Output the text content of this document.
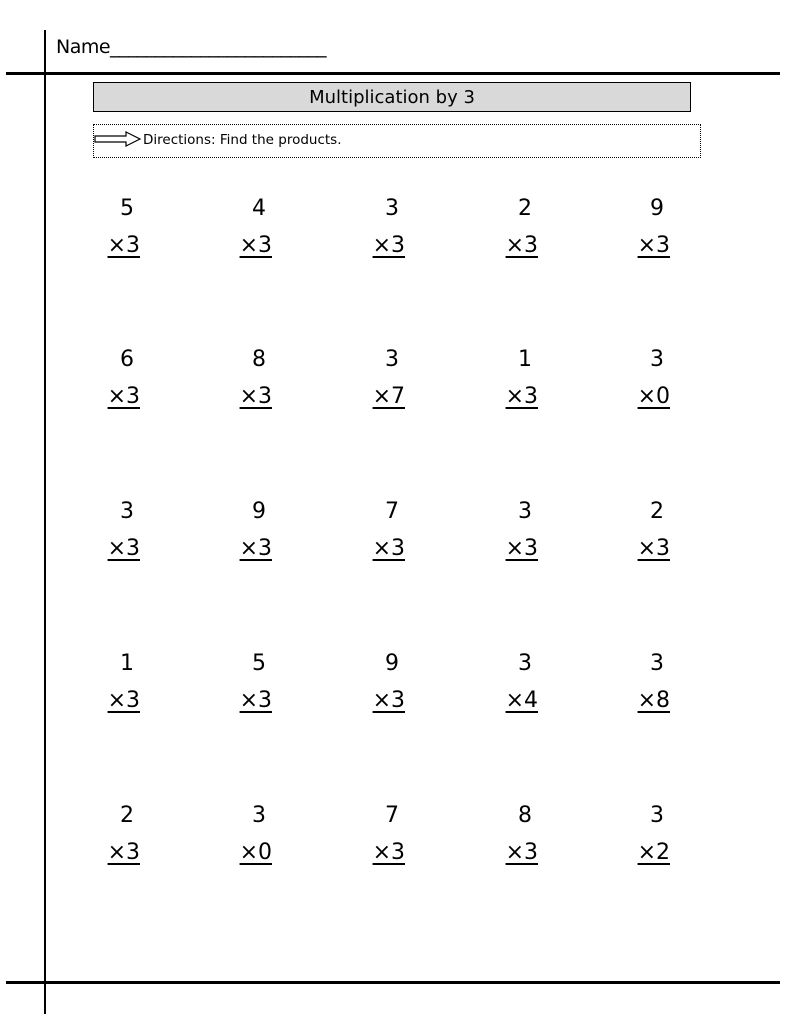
Name________________________
Multiplication by 3
Directions: Find the products.
5
×3
4
×3
3
×3
2
×3
9
×3
6
×3
8
×3
3
×7
1
×3
3
×0
3
×3
9
×3
7
×3
3
×3
2
×3
1
×3
5
×3
9
×3
3
×4
3
×8
2
×3
3
×0
7
×3
8
×3
3
×2
